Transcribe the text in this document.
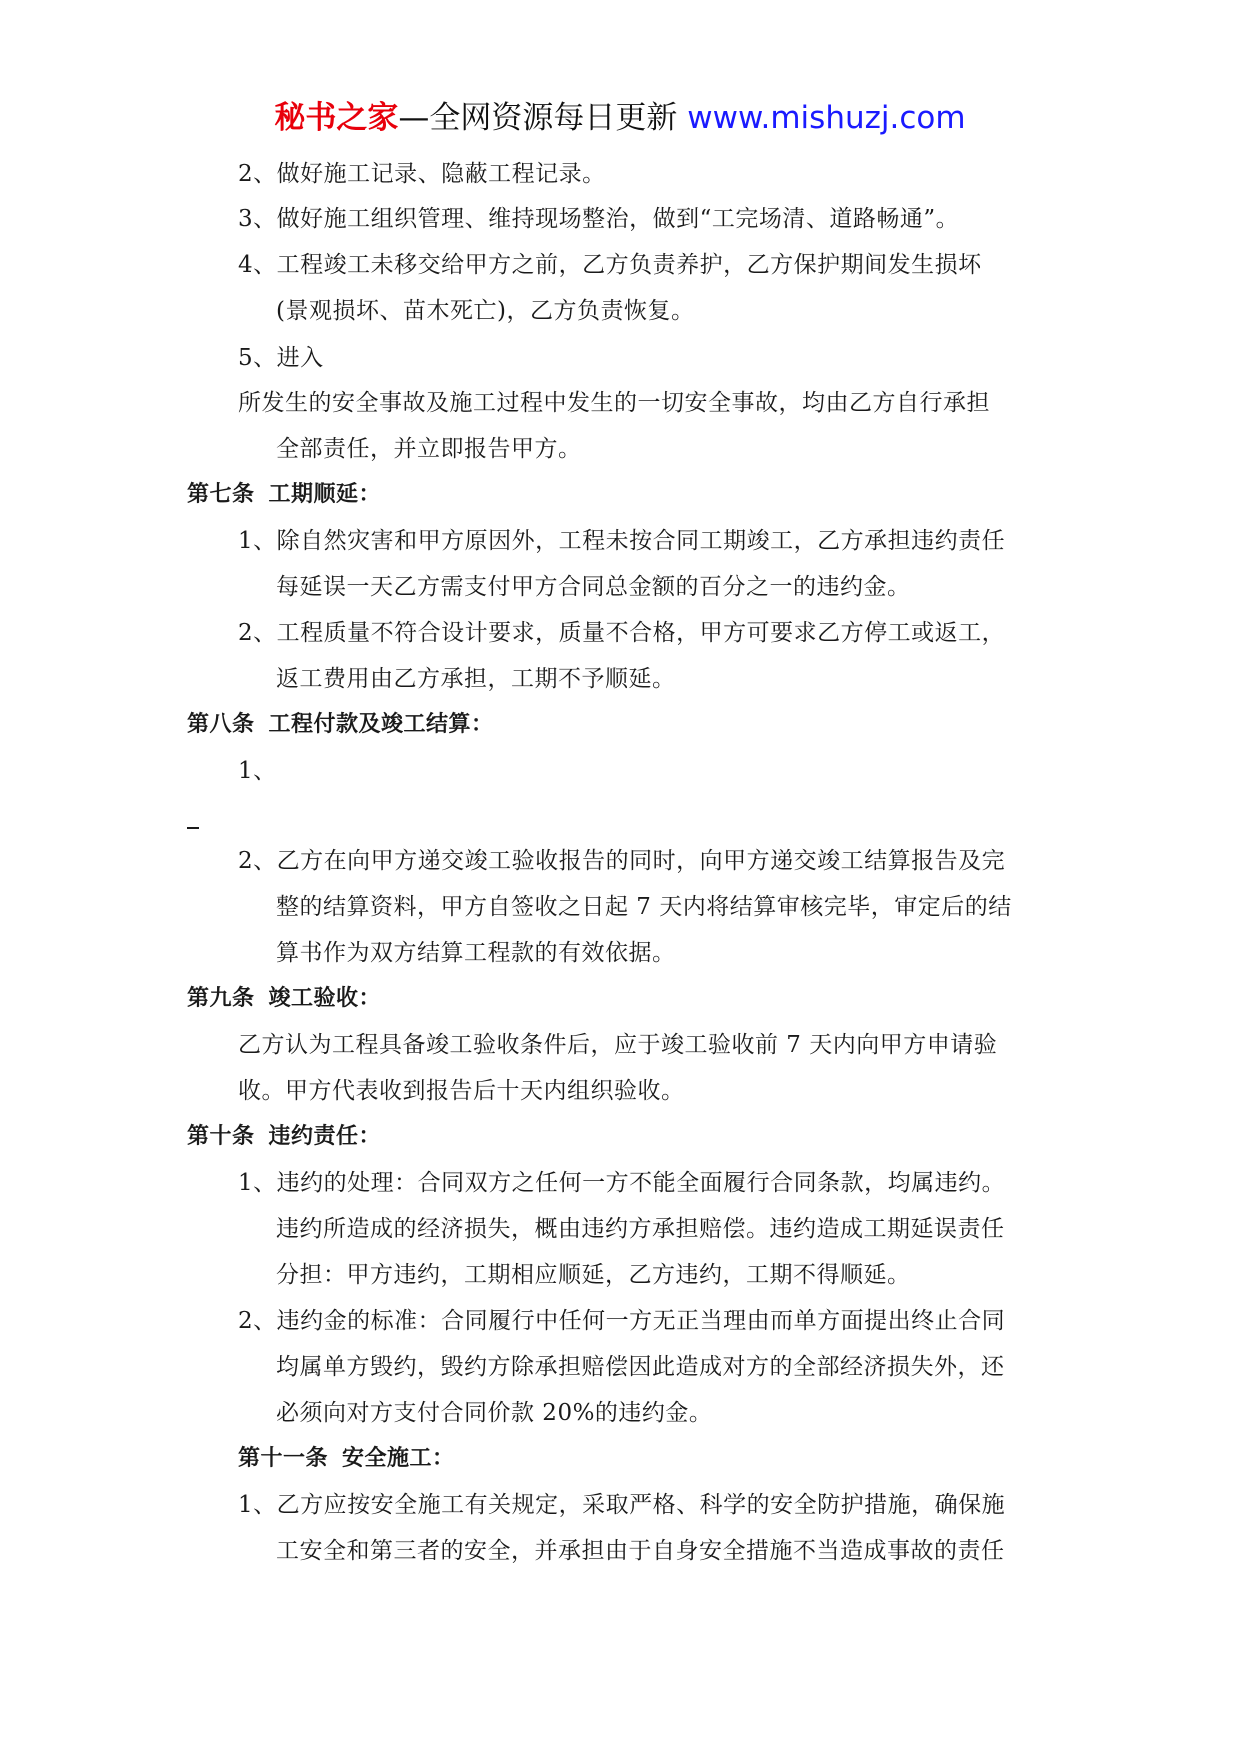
秘书之家—全网资源每日更新 www.mishuzj.com
2、做好施工记录、隐蔽工程记录。
3、做好施工组织管理、维持现场整治，做到“工完场清、道路畅通”。
4、工程竣工未移交给甲方之前，乙方负责养护，乙方保护期间发生损坏
(景观损坏、苗木死亡)，乙方负责恢复。
5、进入
所发生的安全事故及施工过程中发生的一切安全事故，均由乙方自行承担
全部责任，并立即报告甲方。
第七条 工期顺延：
1、除自然灾害和甲方原因外，工程未按合同工期竣工，乙方承担违约责任
每延误一天乙方需支付甲方合同总金额的百分之一的违约金。
2、工程质量不符合设计要求，质量不合格，甲方可要求乙方停工或返工，
返工费用由乙方承担，工期不予顺延。
第八条 工程付款及竣工结算：
1、
2、乙方在向甲方递交竣工验收报告的同时，向甲方递交竣工结算报告及完
整的结算资料，甲方自签收之日起 7 天内将结算审核完毕，审定后的结
算书作为双方结算工程款的有效依据。
第九条 竣工验收：
乙方认为工程具备竣工验收条件后，应于竣工验收前 7 天内向甲方申请验
收。甲方代表收到报告后十天内组织验收。
第十条 违约责任：
1、违约的处理：合同双方之任何一方不能全面履行合同条款，均属违约。
违约所造成的经济损失，概由违约方承担赔偿。违约造成工期延误责任
分担：甲方违约，工期相应顺延，乙方违约，工期不得顺延。
2、违约金的标准：合同履行中任何一方无正当理由而单方面提出终止合同
均属单方毁约，毁约方除承担赔偿因此造成对方的全部经济损失外，还
必须向对方支付合同价款 20%的违约金。
第十一条 安全施工：
1、乙方应按安全施工有关规定，采取严格、科学的安全防护措施，确保施
工安全和第三者的安全，并承担由于自身安全措施不当造成事故的责任
